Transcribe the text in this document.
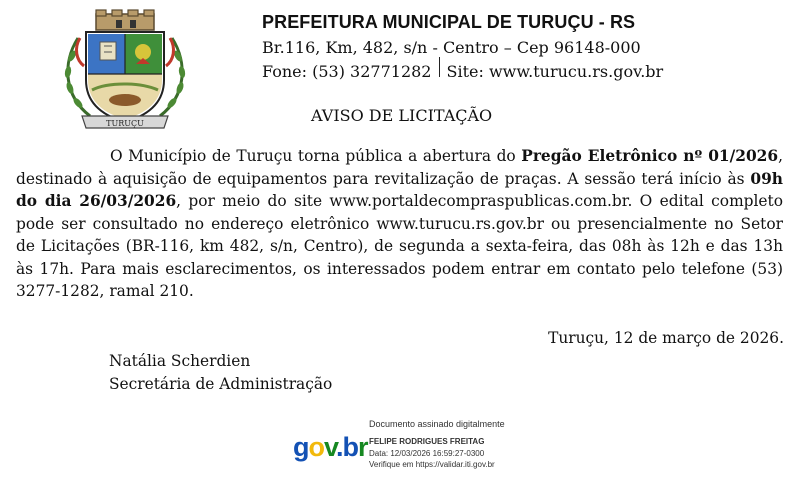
TURUÇU
PREFEITURA MUNICIPAL DE TURUÇU - RS
Br.116, Km, 482, s/n - Centro – Cep 96148-000
Fone: (53) 32771282 Site: www.turucu.rs.gov.br
AVISO DE LICITAÇÃO

O Município de Turuçu torna pública a abertura do Pregão Eletrônico nº 01/2026, destinado à aquisição de equipamentos para revitalização de praças. A sessão terá início às 09h do dia 26/03/2026, por meio do site www.portaldecompraspublicas.com.br. O edital completo pode ser consultado no endereço eletrônico www.turucu.rs.gov.br ou presencialmente no Setor de Licitações (BR-116, km 482, s/n, Centro), de segunda a sexta-feira, das 08h às 12h e das 13h às 17h. Para mais esclarecimentos, os interessados podem entrar em contato pelo telefone (53) 3277-1282, ramal 210.

Turuçu, 12 de março de 2026.
Natália Scherdien
Secretária de Administração
gov.br
Documento assinado digitalmente
FELIPE RODRIGUES FREITAG
Data: 12/03/2026 16:59:27-0300
Verifique em https://validar.iti.gov.br
